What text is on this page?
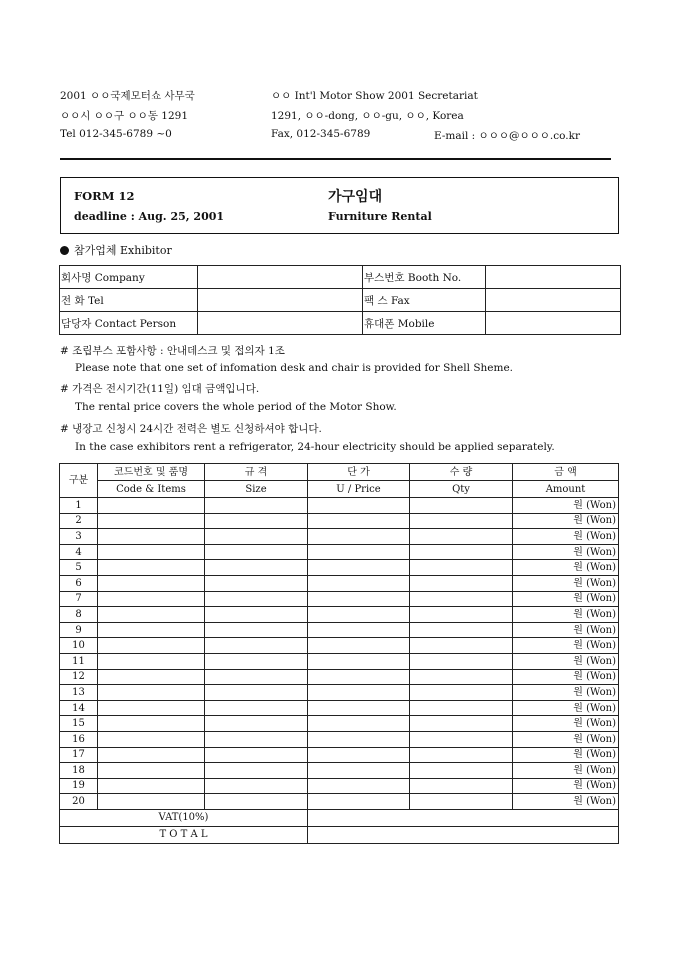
2001 ㅇㅇ국제모터쇼 사무국
ㅇㅇ시 ㅇㅇ구 ㅇㅇ동 1291
Tel 012-345-6789 ~0
ㅇㅇ Int'l Motor Show 2001 Secretariat
1291, ㅇㅇ-dong, ㅇㅇ-gu, ㅇㅇ, Korea
Fax, 012-345-6789	E-mail : ㅇㅇㅇ@ㅇㅇㅇ.co.kr
FORM 12
deadline : Aug. 25, 2001
가구임대
Furniture Rental
참가업체 Exhibitor
회사명 Company		부스번호 Booth No.	
전 화 Tel		팩 스 Fax	
담당자 Contact Person		휴대폰 Mobile	
# 조립부스 포함사항 : 안내데스크 및 접의자 1조
Please note that one set of infomation desk and chair is provided for Shell Sheme.
# 가격은 전시기간(11일) 임대 금액입니다.
The rental price covers the whole period of the Motor Show.
# 냉장고 신청시 24시간 전력은 별도 신청하셔야 합니다.
In the case exhibitors rent a refrigerator, 24-hour electricity should be applied separately.
구분	코드번호 및 품명	규 격	단 가	수 량	금 액
	Code & Items	Size	U / Price	Qty	Amount
1					원 (Won)
2					원 (Won)
3					원 (Won)
4					원 (Won)
5					원 (Won)
6					원 (Won)
7					원 (Won)
8					원 (Won)
9					원 (Won)
10					원 (Won)
11					원 (Won)
12					원 (Won)
13					원 (Won)
14					원 (Won)
15					원 (Won)
16					원 (Won)
17					원 (Won)
18					원 (Won)
19					원 (Won)
20					원 (Won)
VAT(10%)					
T O T A L					
